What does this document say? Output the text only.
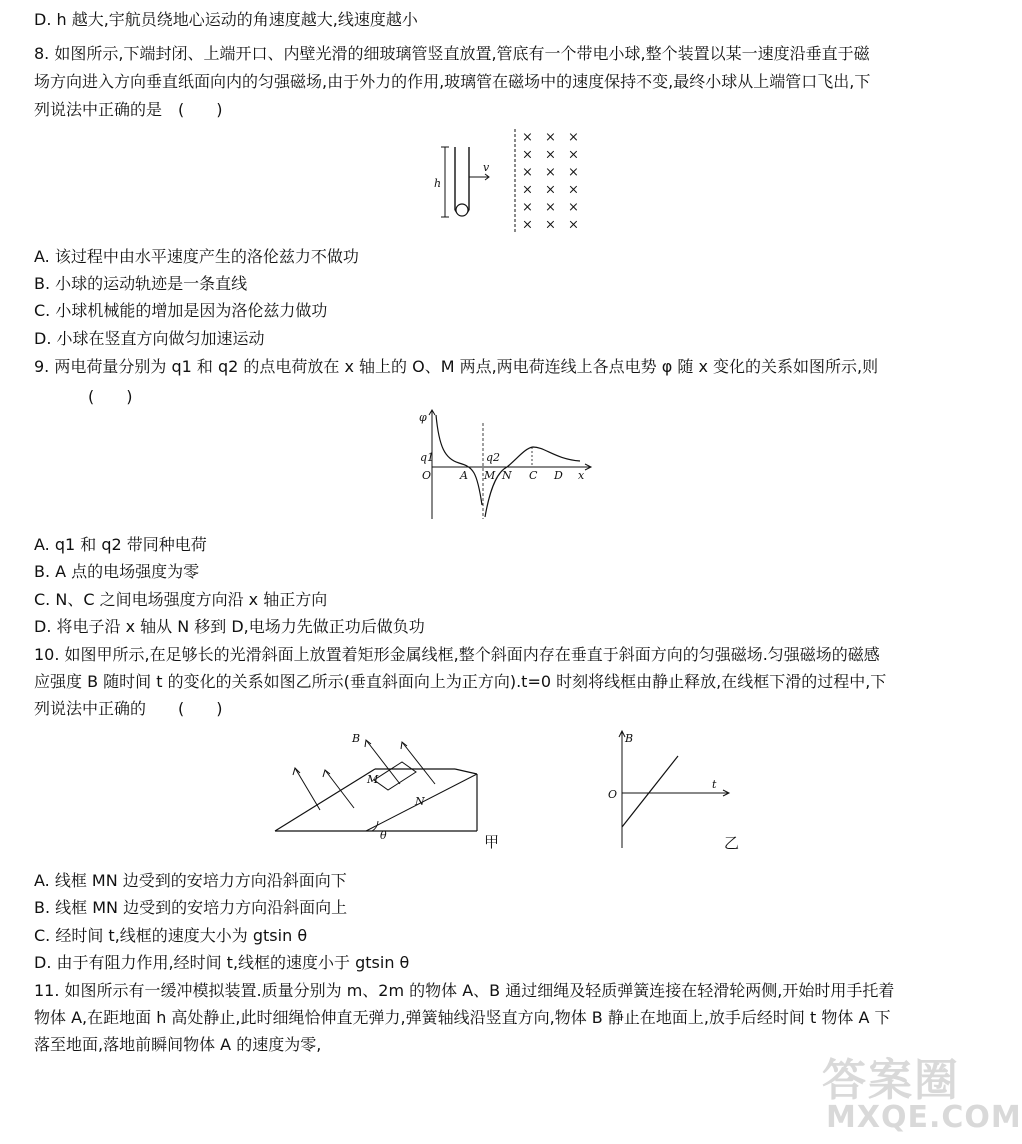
D. h 越大,宇航员绕地心运动的角速度越大,线速度越小
8. 如图所示,下端封闭、上端开口、内壁光滑的细玻璃管竖直放置,管底有一个带电小球,整个装置以某一速度沿垂直于磁
场方向进入方向垂直纸面向内的匀强磁场,由于外力的作用,玻璃管在磁场中的速度保持不变,最终小球从上端管口飞出,下
列说法中正确的是　(　　)
h
v
× × ×
× × ×
× × ×
× × ×
× × ×
× × ×
A. 该过程中由水平速度产生的洛伦兹力不做功
B. 小球的运动轨迹是一条直线
C. 小球机械能的增加是因为洛伦兹力做功
D. 小球在竖直方向做匀加速运动
9. 两电荷量分别为 q1 和 q2 的点电荷放在 x 轴上的 O、M 两点,两电荷连线上各点电势 φ 随 x 变化的关系如图所示,则
(　　)
φ
q1	q2
O	A M N C D x
A. q1 和 q2 带同种电荷
B. A 点的电场强度为零
C. N、C 之间电场强度方向沿 x 轴正方向
D. 将电子沿 x 轴从 N 移到 D,电场力先做正功后做负功
10. 如图甲所示,在足够长的光滑斜面上放置着矩形金属线框,整个斜面内存在垂直于斜面方向的匀强磁场.匀强磁场的磁感
应强度 B 随时间 t 的变化的关系如图乙所示(垂直斜面向上为正方向).t=0 时刻将线框由静止释放,在线框下滑的过程中,下
列说法中正确的　　(　　)
θ
B
M
N
甲
B
O
t
乙
A. 线框 MN 边受到的安培力方向沿斜面向下
B. 线框 MN 边受到的安培力方向沿斜面向上
C. 经时间 t,线框的速度大小为 gtsin θ
D. 由于有阻力作用,经时间 t,线框的速度小于 gtsin θ
11. 如图所示有一缓冲模拟装置.质量分别为 m、2m 的物体 A、B 通过细绳及轻质弹簧连接在轻滑轮两侧,开始时用手托着
物体 A,在距地面 h 高处静止,此时细绳恰伸直无弹力,弹簧轴线沿竖直方向,物体 B 静止在地面上,放手后经时间 t 物体 A 下
落至地面,落地前瞬间物体 A 的速度为零,
答案圈
MXQE.COM
